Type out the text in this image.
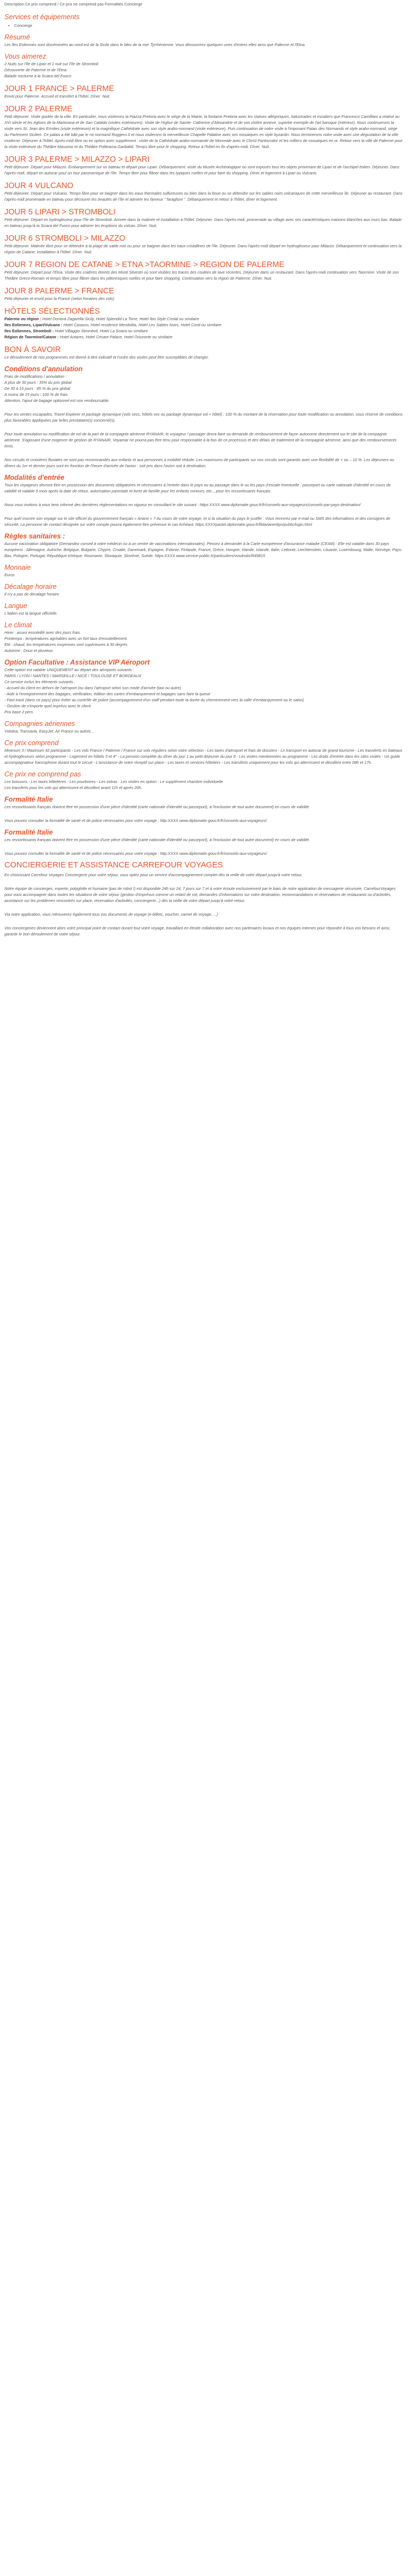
Description Ce prix comprend / Ce prix ne comprend pas Formalités Concierge

Services et équipements
• Concierge
Résumé

Les îles Eoliennes sont disséminées au nord-est de la Sicile dans le bleu de la mer Tyrrhénienne. Vous découvrirez quelques unes d'entres elles ainsi que Palerme et l'Etna.

Vous aimerez

2 Nuits sur l'île de Lipari et 1 nuit sur l'île de Stromboli

Découverte de Palerme et de l'Etna

Balade nocturne à la Sciara del Fuoco

JOUR 1 FRANCE > PALERME

Envol pour Palerme. Accueil et transfert à l'hôtel. Dîner. Nuit.

JOUR 2 PALERME

Petit déjeuner. Visite guidée de la ville. En particulier, nous visiterons la Piazza Pretoria avec le siège de la Mairie, la fontaine Pretoria avec les statues allégoriques, balustrades et escaliers que Francesco Camilliani a réalisé au XVI siècle et les églises de la Martorana et de San Cataldo (visites extérieures). Visite de l'église de Sainte- Catherine d'Alexandrie et de son cloître annexe, superbe exemple de l'art baroque (intérieur). Nous continuerons la visite vers St. Jean des Ermites (visite extérieure) et la magnifique Cathédrale avec son style arabo-normand (visite extérieure). Puis continuation de notre visite à l'imposant Palais des Normands et style arabo-normand, siège du Parlement Sicilien. Ce palais a été bâti par le roi normand Ruggero II et nous visiterons la merveilleuse Chapelle Palatine avec ses mosaïques en style byzantin. Nous terminerons notre visite avec une dégustation de la ville moderne. Déjeuner à l'hôtel. Après-midi libre ou en option avec supplément : visite de la Cathédrale arabo-normande de Monreale avec le Christ Pantocrator et les milliers de mosaïques en or. Retour vers la ville de Palerme pour la visite extérieure du Théâtre Massimo et du Théâtre Politeama Garibaldi. Temps libre pour le shopping. Retour à l'hôtel en fin d'après-midi. Dîner. Nuit.

JOUR 3 PALERME > MILAZZO > LIPARI

Petit déjeuner. Départ pour Milazzo. Embarquement sur un bateau et départ pour Lipari. Débarquement. visite du Musée Archéologique où sont exposés tous les objets provenant de Lipari et de l'archipel éolien. Déjeuner. Dans l'après-midi, départ en autocar pour un tour panoramique de l'île. Temps libre pour flâner dans les typiques ruelles et pour faire du shopping. Dîner et logement à Lipari ou Vulcano.

JOUR 4 VULCANO

Petit déjeuner. Départ pour Vulcano. Temps libre pour se baigner dans les eaux thermales sulfureuses ou bien dans la boue ou se détendre sur les sables noirs volcaniques de cette merveilleuse île. Déjeuner au restaurant. Dans l'après-midi promenade en bateau pour découvrir les beautés de l'île et admirer les fameux " faraglioni ". Débarquement et retour à l'hôtel, dîner et logement.

JOUR 5 LIPARI > STROMBOLI

Petit déjeuner. Départ en hydroglisseur pour l'île de Stromboli. Arrivée dans la matinée et installation à l'hôtel. Déjeuner. Dans l'après-midi, promenade au village avec ses caractéristiques maisons blanches aux murs bas. Balade en bateau jusqu'à la Sciara del Fuoco pour admirer les éruptions du volcan. Dîner. Nuit.

JOUR 6 STROMBOLI > MILAZZO

Petit déjeuner. Matinée libre pour se détendre à la plage de sable noir ou pour se baigner dans les eaux cristallines de l'île. Déjeuner. Dans l'après-midi départ en hydroglisseur pour Milazzo. Débarquement et continuation vers la région de Catane. Installation à l'hôtel. Dîner. Nuit.

JOUR 7 REGION DE CATANE > ETNA >TAORMINE > REGION DE PALERME

Petit déjeuner. Départ pour l'Etna. Visite des cratères éteints des Monti Silvestri où sont visibles les traces des coulées de lave récentes. Déjeuner dans un restaurant. Dans l'après-midi continuation vers Taormine. Visite de son Théâtre Greco-Romain et temps libre pour flâner dans les pittoresques ruelles et pour faire shopping. Continuation vers la région de Palerme. Dîner. Nuit.

JOUR 8 PALERME > FRANCE

Petit déjeuner et envol pour la France (selon horaires des vols)

HÔTELS SÉLECTIONNÉS

Palerme ou région : Hotel Domina Zagarella Sicily, Hotel Splendid La Torre, Hotel Ibis Style Cristal ou similaire

Iles Eoliennes, Lipari/Vulcano : Hotel Carasco, Hotel residence Mendolita, Hotel Les Sables Noirs, Hotel Conti ou similaire

Iles Eoliennes, Stromboli : Hotel Villaggio Stromboli, Hotel La Sciara ou similaire

Région de Taormine/Catane : Hotel Antares, Hotel Cesare Palace, Hotel Orizzonte ou similaire

BON À SAVOIR

Le déroulement de nos programmes est donné à titre indicatif et l'ordre des visites peut être susceptibles de changer.

Conditions d'annulation

Frais de modifications / annulation :

A plus de 30 jours : 35% du prix global

De 30 à 15 jours : 85 % du prix global

A moins de 15 jours : 100 % de frais

Attention, l'ajout de bagage optionnel est non remboursable.

Pour les ventes escapades, Travel Explorer et package dynamique (vols secs, hôtels sec ou package dynamique vol + hôtel) : 100 % du montant de la réservation pour toute modification ou annulation, sous réserve de conditions plus favorables appliquées par le/les prestataire(s) concerné(s).

Pour toute annulation ou modification de vol de la part de la compagnie aérienne RYANAIR, le voyageur / passager devra faire sa demande de remboursement de façon autonome directement sur le site de la compagnie aérienne. S'agissant d'une exigence de gestion de RYANAIR, Voyamar ne pourra pas être tenu pour responsable à la fois de ce processus et des délais de traitement de la compagnie aérienne, ainsi que des remboursements émis.

Nos circuits et croisières fluviales ne sont pas recommandés aux enfants et aux personnes à mobilité réduite. Les maximums de participants sur nos circuits sont garantis avec une flexibilité de + ou – 10 %. Les déjeuners ou dîners du 1er et dernier jours sont en fonction de l'heure d'arrivée de l'avion : soit pris dans l'avion soit à destination.

Modalités d'entrée

Tous les voyageurs devront être en possession des documents obligatoires et nécessaires à l'entrée dans le pays ou au passage dans le ou les pays d'escale éventuelle : passeport ou carte nationale d'identité en cours de validité et valable 6 mois après la date de retour, autorisation parentale et livret de famille pour les enfants mineurs, etc.., pour les ressortissants français.

Nous vous invitons à vous tenir informé des dernières réglementations en vigueur en consultant le site suivant : https:XXXX.www.diplomatie.gouv.fr/fr/conseils-aux-voyageurs/conseils-par-pays-destination/

Pour quel inscrire son voyage sur le site officiel du gouvernement français « Ariane » ? Au cours de votre voyage, et si la situation du pays le justifie : Vous recevrez par e-mail ou SMS des informations et des consignes de sécurité, La personne de contact désignée sur votre compte pourra également être prévenue le cas échéant. https:XXXXpastel.diplomatie.gouv.fr/fildariane/dyn/public/login.html

Règles sanitaires :

Aucune vaccination obligatoire (Demandez conseil à votre médecin ou à un centre de vaccinations internationales). Pensez à demander à la Carte européenne d'assurance maladie (CEAM) : Elle est valable dans 30 pays européens : Allemagne, Autriche, Belgique, Bulgarie, Chypre, Croatie, Danemark, Espagne, Estonie, Finlande, France, Grèce, Hongrie, Irlande, Islande, Italie, Lettonie, Liechtenstein, Lituanie, Luxembourg, Malte, Norvège, Pays-Bas, Pologne, Portugal, République tchèque, Roumanie, Slovaquie, Slovénie, Suède. https:XXXX.www.service-public.fr/particuliers/vosdroits/R49815

Monnaie

Euros

Décalage horaire

Il n'y a pas de décalage horaire

Langue

L'italien est la langue officielle.

Le climat

Hiver : assez ensoleillé avec des jours frais.

Printemps : températures agréables avec un fort taux d'ensoleillement.

Eté : chaud, les températures moyennes sont supérieures à 30 degrés

Automne : Doux et pluvieux.

Option Facultative : Assistance VIP Aéroport

Cette option est valable UNIQUEMENT au départ des aéroports suivants :

PARIS / LYON / NANTES / MARSEILLE / NICE / TOULOUSE ET BORDEAUX

Ce service inclus les éléments suivants :

- Accueil du client en dehors de l'aéroport (ou dans l'aéroport selon son mode d'arrivée (taxi ou autre)

- Aide à l'enregistrement des bagages, vérification, édition des cartes d'embarquement et bagages sans faire la queue

- Fast track (dans ce pays) pour éviter au contrôle de police (accompagnement d'un staff pendant toute la durée du cheminement vers la salle d'embarquement ou le salon)

- Gestion de n'importe quel imprévu avec le client

Prix base 2 pers

Compagnies aériennes

Volotea, Transavia, EasyJet, Air France ou autres...

Ce prix comprend

Minimum 3 / Maximum 42 participants - Les vols France / Palerme / France sur vols réguliers selon votre sélection - Les taxes d'aéroport et frais de dossiers - Le transport en autocar de grand tourisme - Les transferts en bateaux et hydroglisseurs selon programme - Logement en hôtels 3 et 4* - La pension complète du dîner du jour 1 au petit déjeuner du jour 8 - Les visites mentionnées au programme - Les droits d'entrée dans les sites visités - Un guide accompagnateur francophone durant tout le circuit - L'assistance de notre réceptif sur place - Les taxes et services hôteliers - Les transferts uniquement pour les vols qui atterrissent et décollent entre 08h et 17h.

Ce prix ne comprend pas

Les boissons - Les taxes hôtelières - Les pourboires - Les extras · Les visites en option - Le supplément chambre individuelle

Les transferts pour les vols qui atterrissent et décollent avant 11h et après 20h.

Formalité Italie

Les ressortissants français doivent être en possession d'une pièce d'identité (carte nationale d'identité ou passeport), à l'exclusion de tout autre document) en cours de validité.

Vous pouvez consulter la formalité de santé et de police nécessaires pour votre voyage : http:XXXX.www.diplomatie.gouv.fr/fr/conseils-aux-voyageurs/

Formalité Italie

Les ressortissants français doivent être en possession d'une pièce d'identité (carte nationale d'identité ou passeport), à l'exclusion de tout autre document) en cours de validité.

Vous pouvez consulter la formalité de santé et de police nécessaires pour votre voyage : http:XXXX.www.diplomatie.gouv.fr/fr/conseils-aux-voyageurs/

CONCIERGERIE ET ASSISTANCE CARREFOUR VOYAGES

En choisissant Carrefour Voyages Conciergerie pour votre séjour, vous optez pour un service d'accompagnement complet dès la veille de votre départ jusqu'à votre retour.

Notre équipe de concierges, experte, polyglotte et humaine (pas de robot !) est disponible 24h sur 24, 7 jours sur 7 et à votre écoute exclusivement par le biais de notre application de messagerie sécurisée, CarrefourVoyages pour vous accompagner dans toutes les situations de votre séjour (gestion d'imprévus comme un retard de vol, demandes d'informations sur votre destination, recommandations et réservations de restaurants ou d'activités, assistance sur les problèmes rencontrés sur place, réservation d'activités, conciergerie...) dès la veille de votre départ jusqu'à votre retour.

Via notre application, vous retrouverez également tous vos documents de voyage (e-billets, voucher, carnet de voyage, ...)

Vos conciergeries deviennent alors votre principal point de contact durant tout votre voyage, travaillant en étroite collaboration avec nos partenaires locaux et nos équipes internes pour répondre à tous vos besoins et ainsi, garantir le bon déroulement de votre séjour.
